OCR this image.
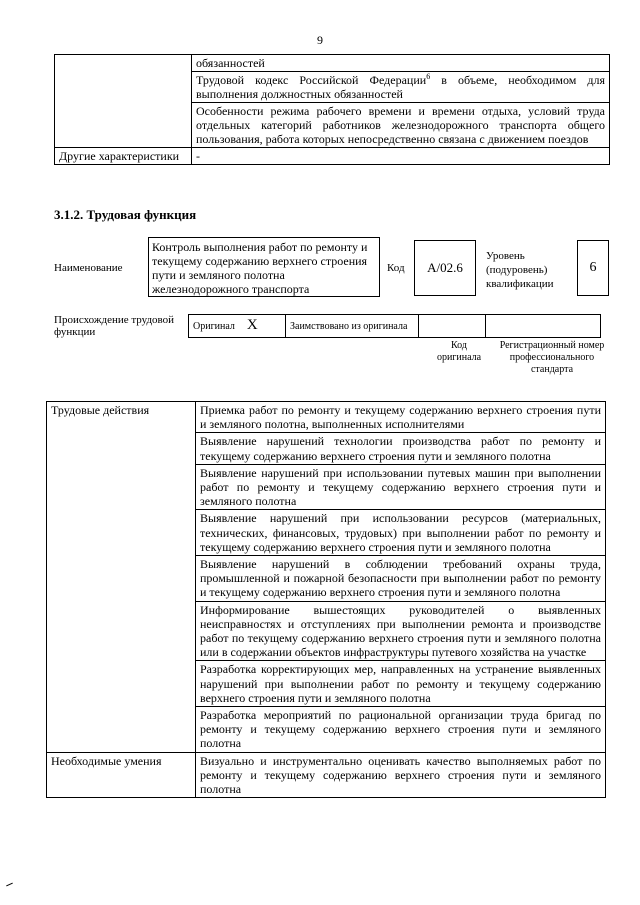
9
	обязанностей
	Трудовой кодекс Российской Федерации$^6$ в объеме, необходимом для выполнения должностных обязанностей
	Особенности режима рабочего времени и времени отдыха, условий труда отдельных категорий работников железнодорожного транспорта общего пользования, работа которых непосредственно связана с движением поездов
Другие характеристики	-
3.1.2. Трудовая функция
Наименование
Контроль выполнения работ по ремонту и текущему содержанию верхнего строения пути и земляного полотна железнодорожного транспорта
Код	A/02.6
Уровень (подуровень) квалификации
6
Происхождение трудовой функции	Оригинал X	Заимствовано из оригинала		
Код оригинала
Регистрационный номер профессионального стандарта
Трудовые действия	Приемка работ по ремонту и текущему содержанию верхнего строения пути и земляного полотна, выполненных исполнителями
	Выявление нарушений технологии производства работ по ремонту и текущему содержанию верхнего строения пути и земляного полотна
	Выявление нарушений при использовании путевых машин при выполнении работ по ремонту и текущему содержанию верхнего строения пути и земляного полотна
	Выявление нарушений при использовании ресурсов (материальных, технических, финансовых, трудовых) при выполнении работ по ремонту и текущему содержанию верхнего строения пути и земляного полотна
	Выявление нарушений в соблюдении требований охраны труда, промышленной и пожарной безопасности при выполнении работ по ремонту и текущему содержанию верхнего строения пути и земляного полотна
	Информирование вышестоящих руководителей о выявленных неисправностях и отступлениях при выполнении ремонта и производстве работ по текущему содержанию верхнего строения пути и земляного полотна или в содержании объектов инфраструктуры путевого хозяйства на участке
	Разработка корректирующих мер, направленных на устранение выявленных нарушений при выполнении работ по ремонту и текущему содержанию верхнего строения пути и земляного полотна
	Разработка мероприятий по рациональной организации труда бригад по ремонту и текущему содержанию верхнего строения пути и земляного полотна
Необходимые умения	Визуально и инструментально оценивать качество выполняемых работ по ремонту и текущему содержанию верхнего строения пути и земляного полотна
